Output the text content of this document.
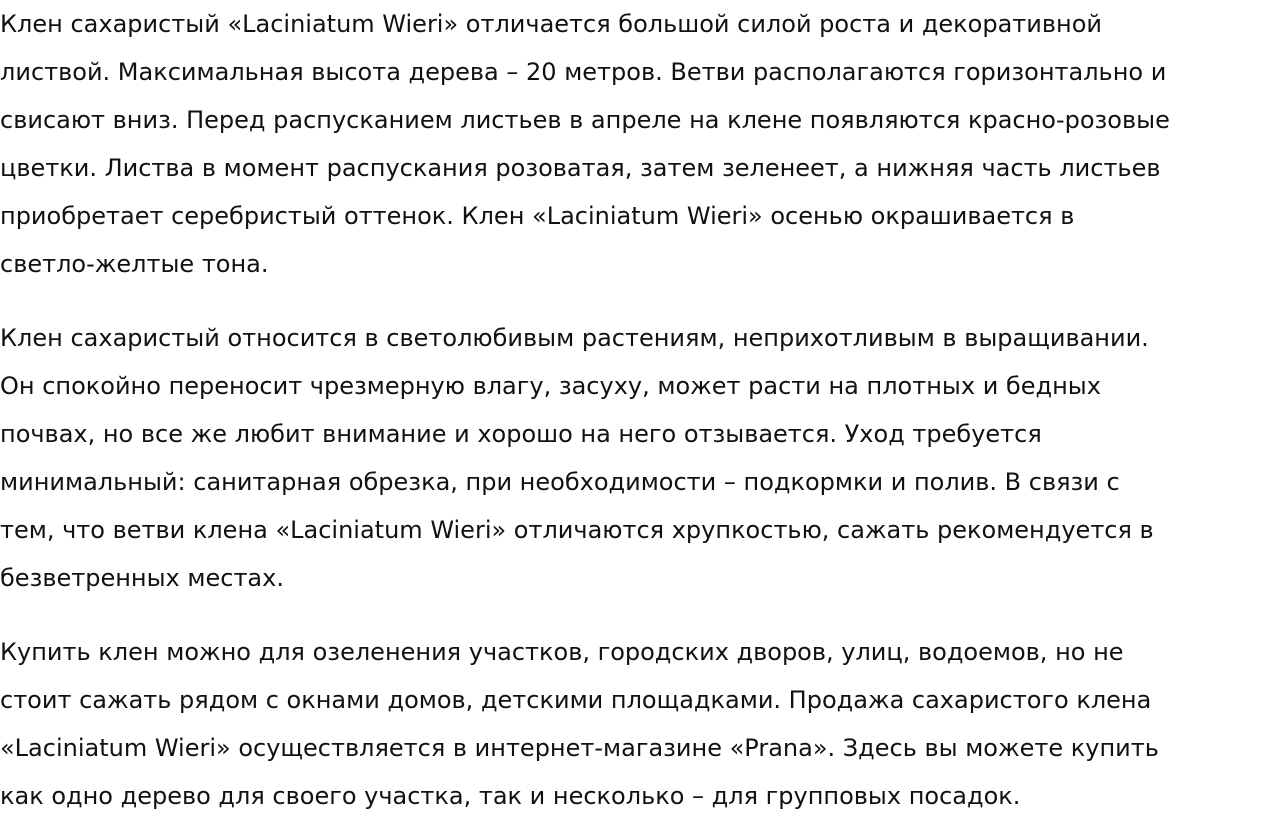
Клен сахаристый «Laciniatum Wieri» отличается большой силой роста и декоративной
листвой. Максимальная высота дерева – 20 метров. Ветви располагаются горизонтально и
свисают вниз. Перед распусканием листьев в апреле на клене появляются красно-розовые
цветки. Листва в момент распускания розоватая, затем зеленеет, а нижняя часть листьев
приобретает серебристый оттенок. Клен «Laciniatum Wieri» осенью окрашивается в
светло-желтые тона.

Клен сахаристый относится в светолюбивым растениям, неприхотливым в выращивании.
Он спокойно переносит чрезмерную влагу, засуху, может расти на плотных и бедных
почвах, но все же любит внимание и хорошо на него отзывается. Уход требуется
минимальный: санитарная обрезка, при необходимости – подкормки и полив. В связи с
тем, что ветви клена «Laciniatum Wieri» отличаются хрупкостью, сажать рекомендуется в
безветренных местах.

Купить клен можно для озеленения участков, городских дворов, улиц, водоемов, но не
стоит сажать рядом с окнами домов, детскими площадками. Продажа сахаристого клена
«Laciniatum Wieri» осуществляется в интернет-магазине «Prana». Здесь вы можете купить
как одно дерево для своего участка, так и несколько – для групповых посадок.
